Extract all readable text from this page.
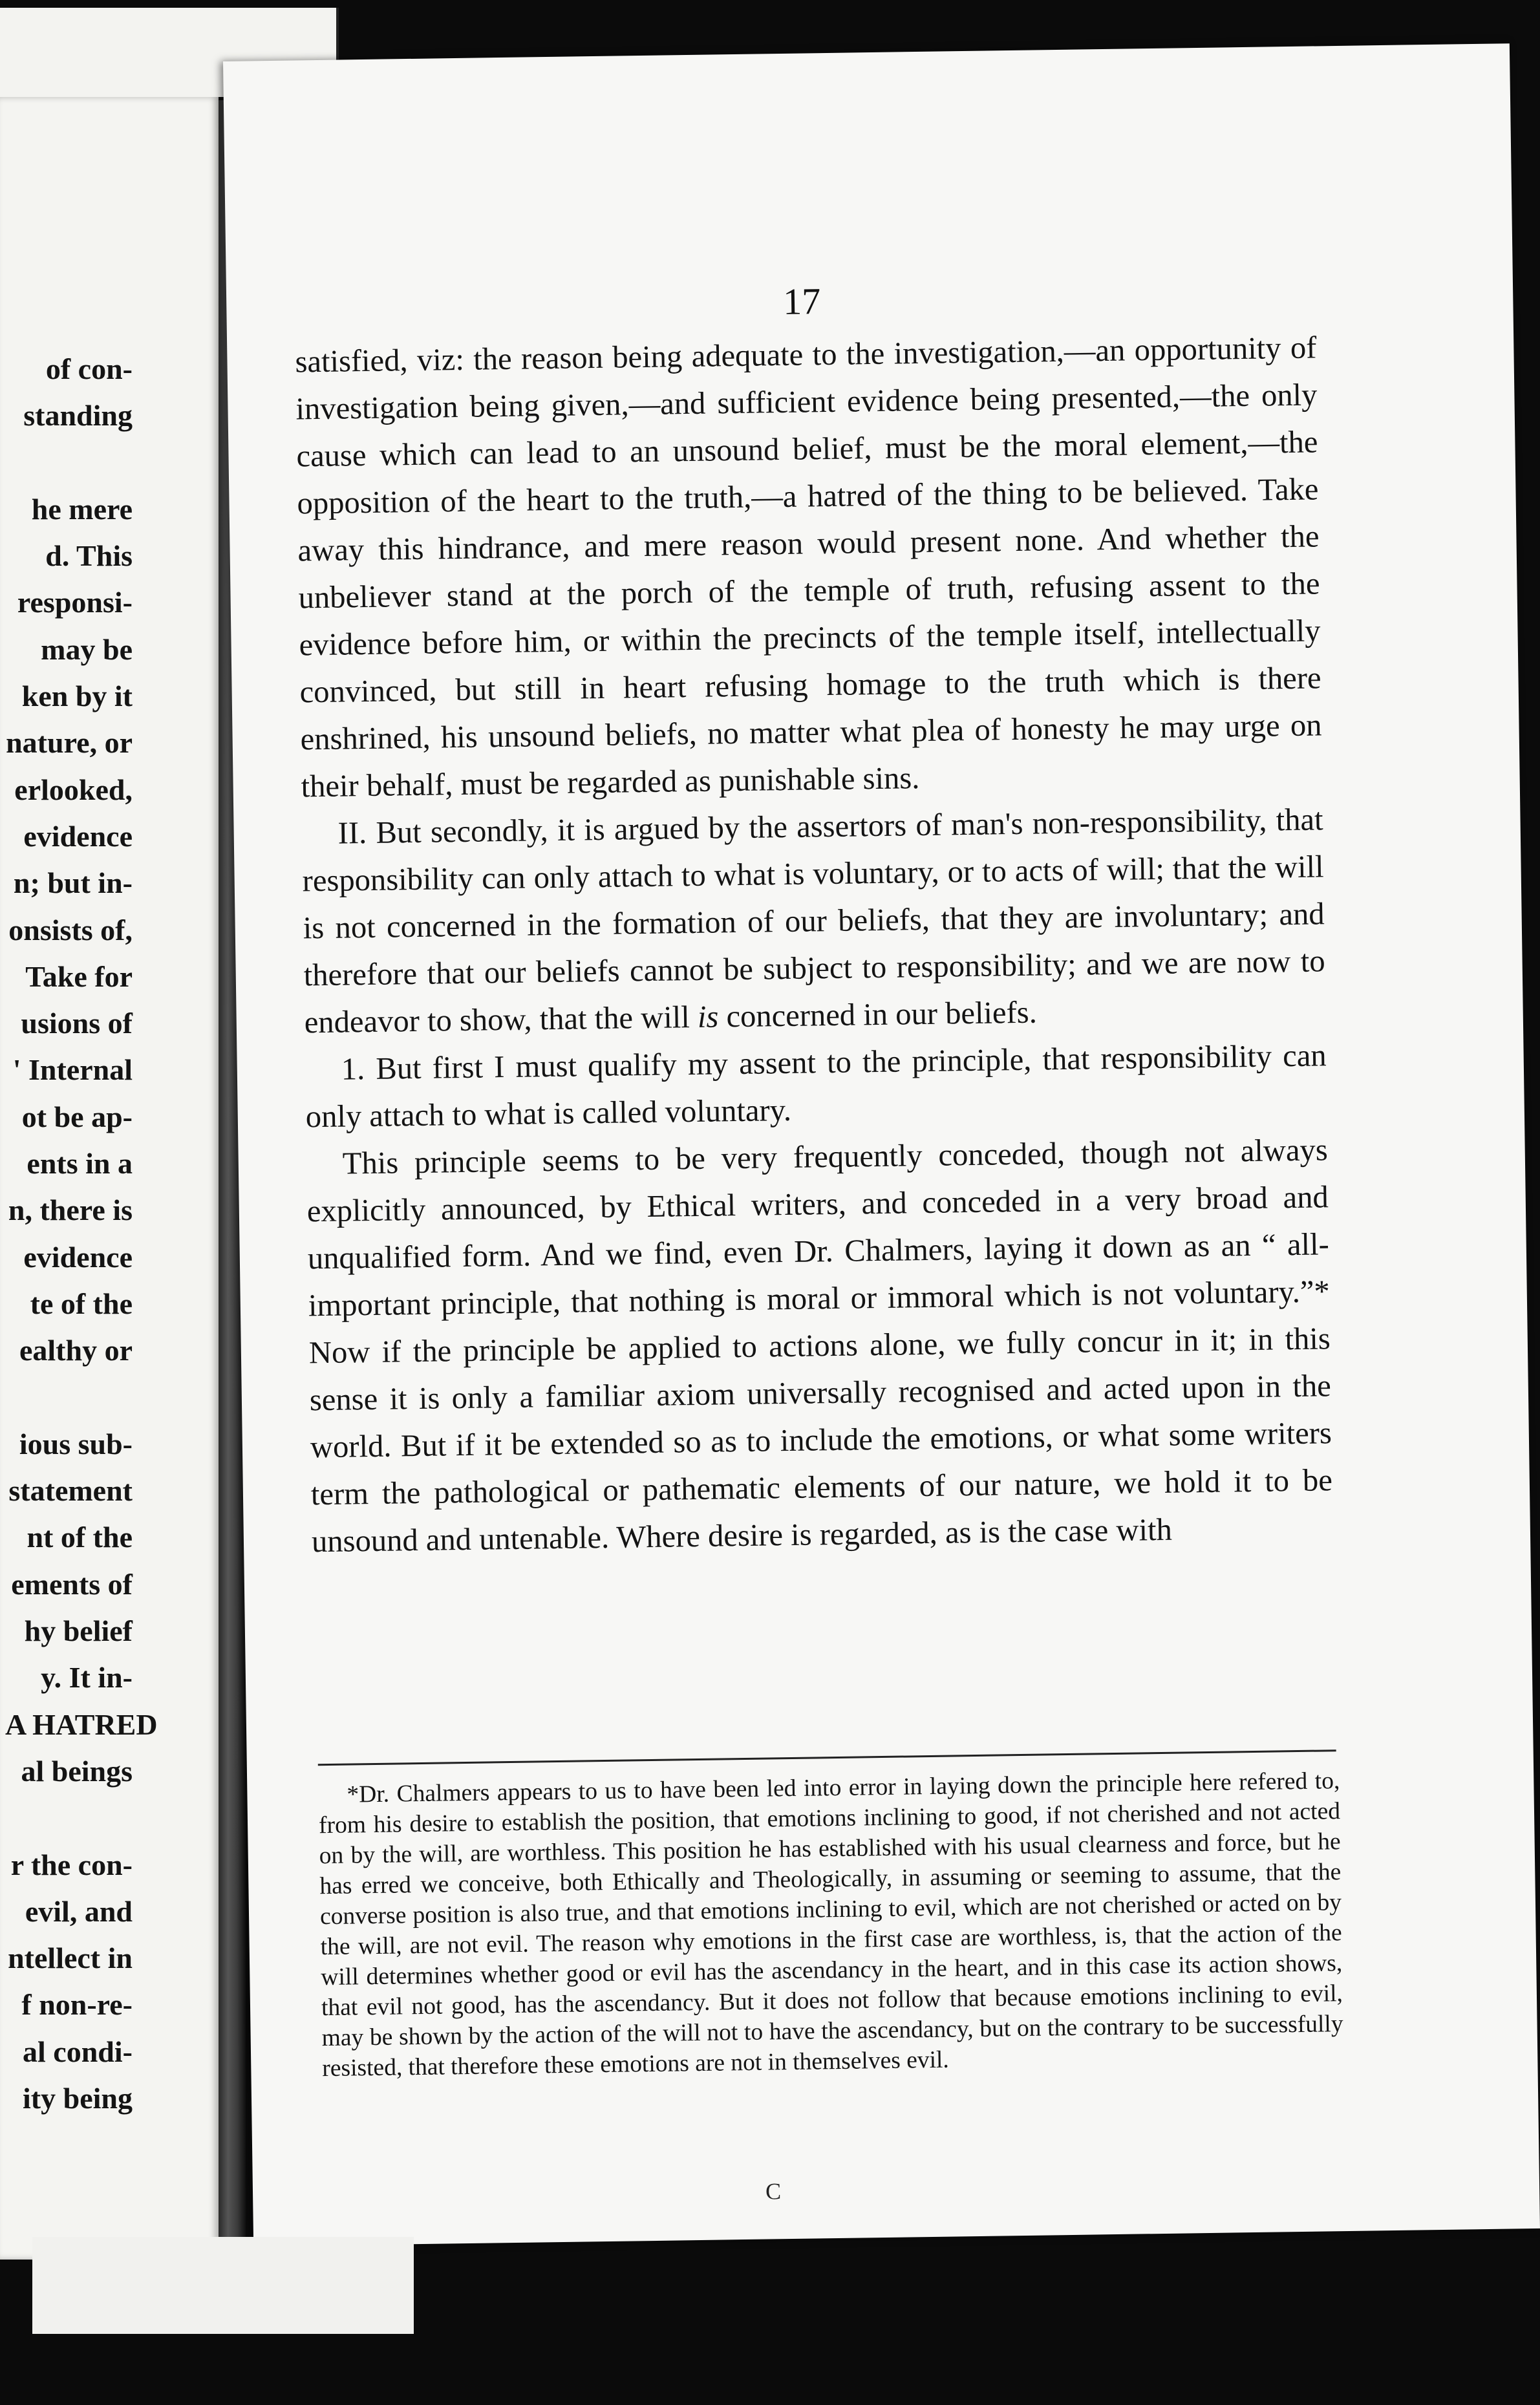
of con-
standing
he mere
d. This
responsi-
may be
ken by it
nature, or
erlooked,
evidence
n; but in-
onsists of,
Take for
usions of
' Internal
ot be ap-
ents in a
n, there is
evidence
te of the
ealthy or
ious sub-
statement
nt of the
ements of
hy belief
y. It in-
A HATRED
al beings
r the con-
evil, and
ntellect in
f non-re-
al condi-
ity being
17

satisfied, viz: the reason being adequate to the investigation,—an opportunity of investigation being given,—and sufficient evidence being presented,—the only cause which can lead to an unsound belief, must be the moral element,—the opposition of the heart to the truth,—a hatred of the thing to be believed. Take away this hindrance, and mere reason would present none. And whether the unbeliever stand at the porch of the temple of truth, refusing assent to the evidence before him, or within the precincts of the temple itself, intellectually convinced, but still in heart refusing homage to the truth which is there enshrined, his unsound beliefs, no matter what plea of honesty he may urge on their behalf, must be regarded as punishable sins.

II. But secondly, it is argued by the assertors of man's non-responsibility, that responsibility can only attach to what is voluntary, or to acts of will; that the will is not concerned in the formation of our beliefs, that they are involuntary; and therefore that our beliefs cannot be subject to responsibility; and we are now to endeavor to show, that the will is concerned in our beliefs.

1. But first I must qualify my assent to the principle, that responsibility can only attach to what is called voluntary.

This principle seems to be very frequently conceded, though not always explicitly announced, by Ethical writers, and conceded in a very broad and unqualified form. And we find, even Dr. Chalmers, laying it down as an “ all-important principle, that nothing is moral or immoral which is not voluntary.”* Now if the principle be applied to actions alone, we fully concur in it; in this sense it is only a familiar axiom universally recognised and acted upon in the world. But if it be extended so as to include the emotions, or what some writers term the pathological or pathematic elements of our nature, we hold it to be unsound and untenable. Where desire is regarded, as is the case with

*Dr. Chalmers appears to us to have been led into error in laying down the principle here refered to, from his desire to establish the position, that emotions inclining to good, if not cherished and not acted on by the will, are worthless. This position he has established with his usual clearness and force, but he has erred we conceive, both Ethically and Theologically, in assuming or seeming to assume, that the converse position is also true, and that emotions inclining to evil, which are not cherished or acted on by the will, are not evil. The reason why emotions in the first case are worthless, is, that the action of the will determines whether good or evil has the ascendancy in the heart, and in this case its action shows, that evil not good, has the ascendancy. But it does not follow that because emotions inclining to evil, may be shown by the action of the will not to have the ascendancy, but on the contrary to be successfully resisted, that therefore these emotions are not in themselves evil.

C
